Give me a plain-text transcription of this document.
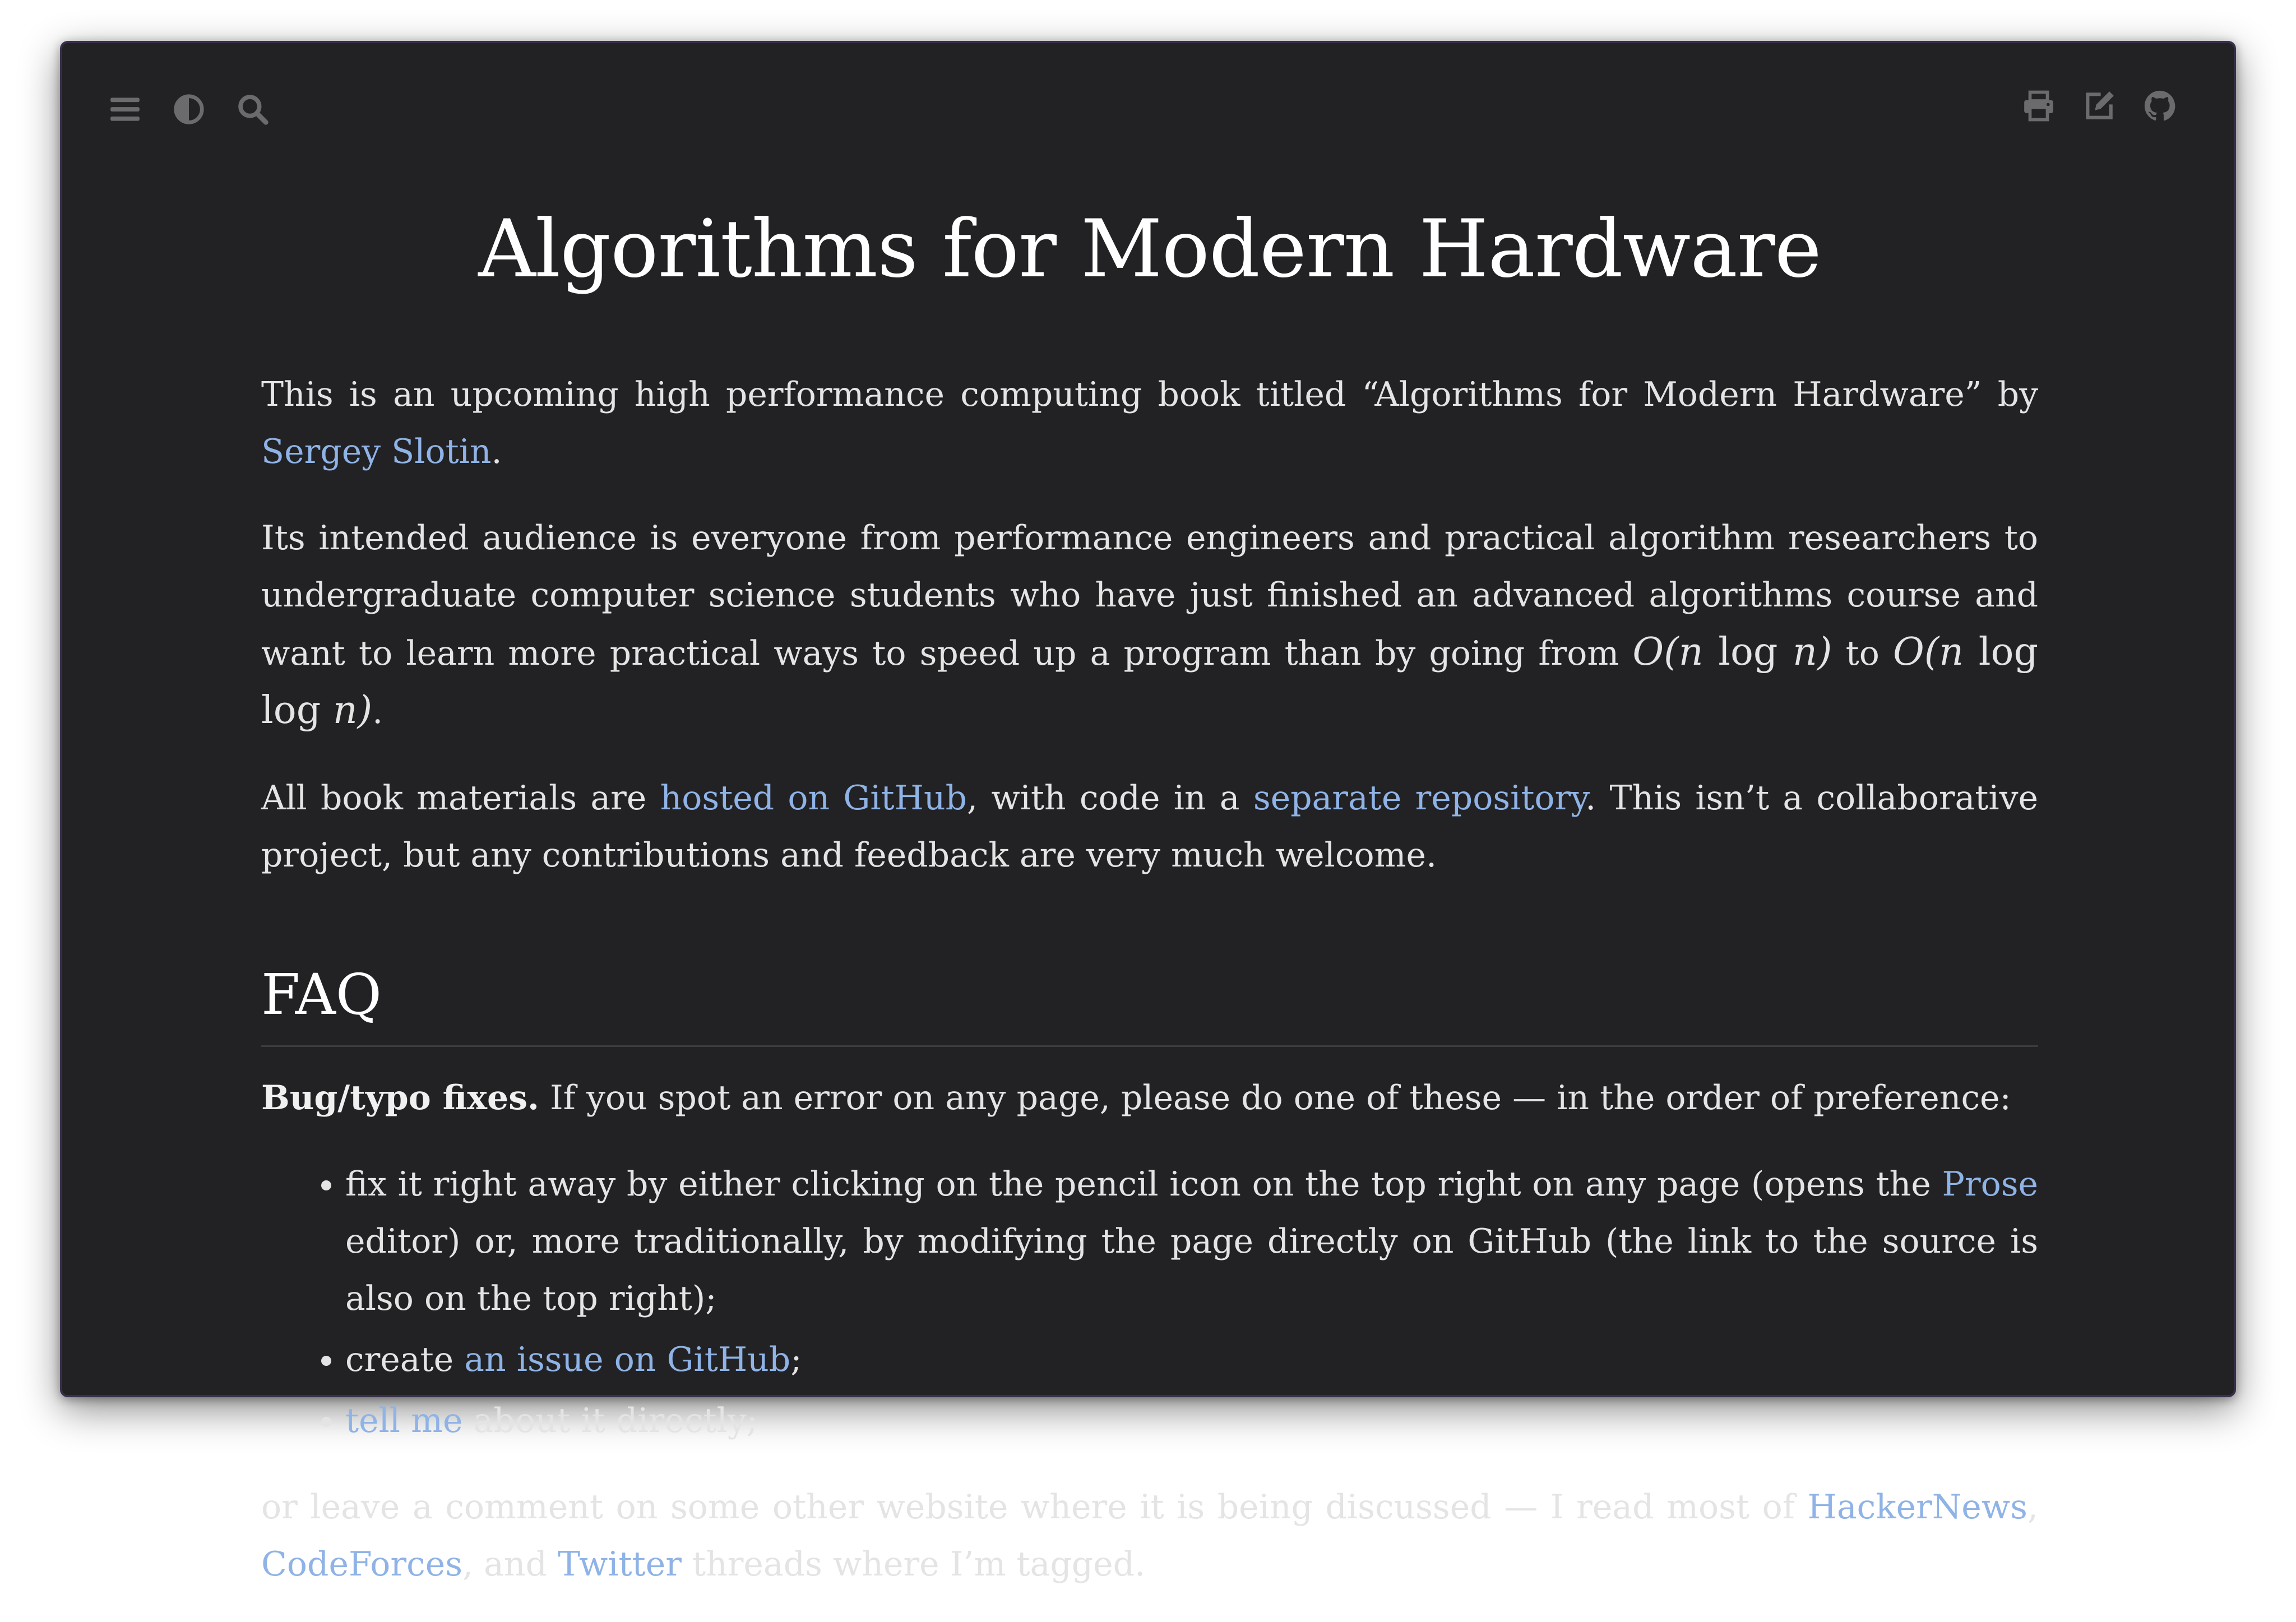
Algorithms for Modern Hardware

This is an upcoming high performance computing book titled “Algorithms for Modern Hardware” by Sergey Slotin.

Its intended audience is everyone from performance engineers and practical algorithm researchers to undergraduate computer science students who have just finished an advanced algorithms course and want to learn more practical ways to speed up a program than by going from O(n log n) to O(n log log n).

All book materials are hosted on GitHub, with code in a separate repository. This isn’t a collaborative project, but any contributions and feedback are very much welcome.

FAQ

Bug/typo fixes. If you spot an error on any page, please do one of these — in the order of preference:

• fix it right away by either clicking on the pencil icon on the top right on any page (opens the Prose editor) or, more traditionally, by modifying the page directly on GitHub (the link to the source is also on the top right);
• create an issue on GitHub;
• tell me about it directly;

or leave a comment on some other website where it is being discussed — I read most of HackerNews, CodeForces, and Twitter threads where I’m tagged.
